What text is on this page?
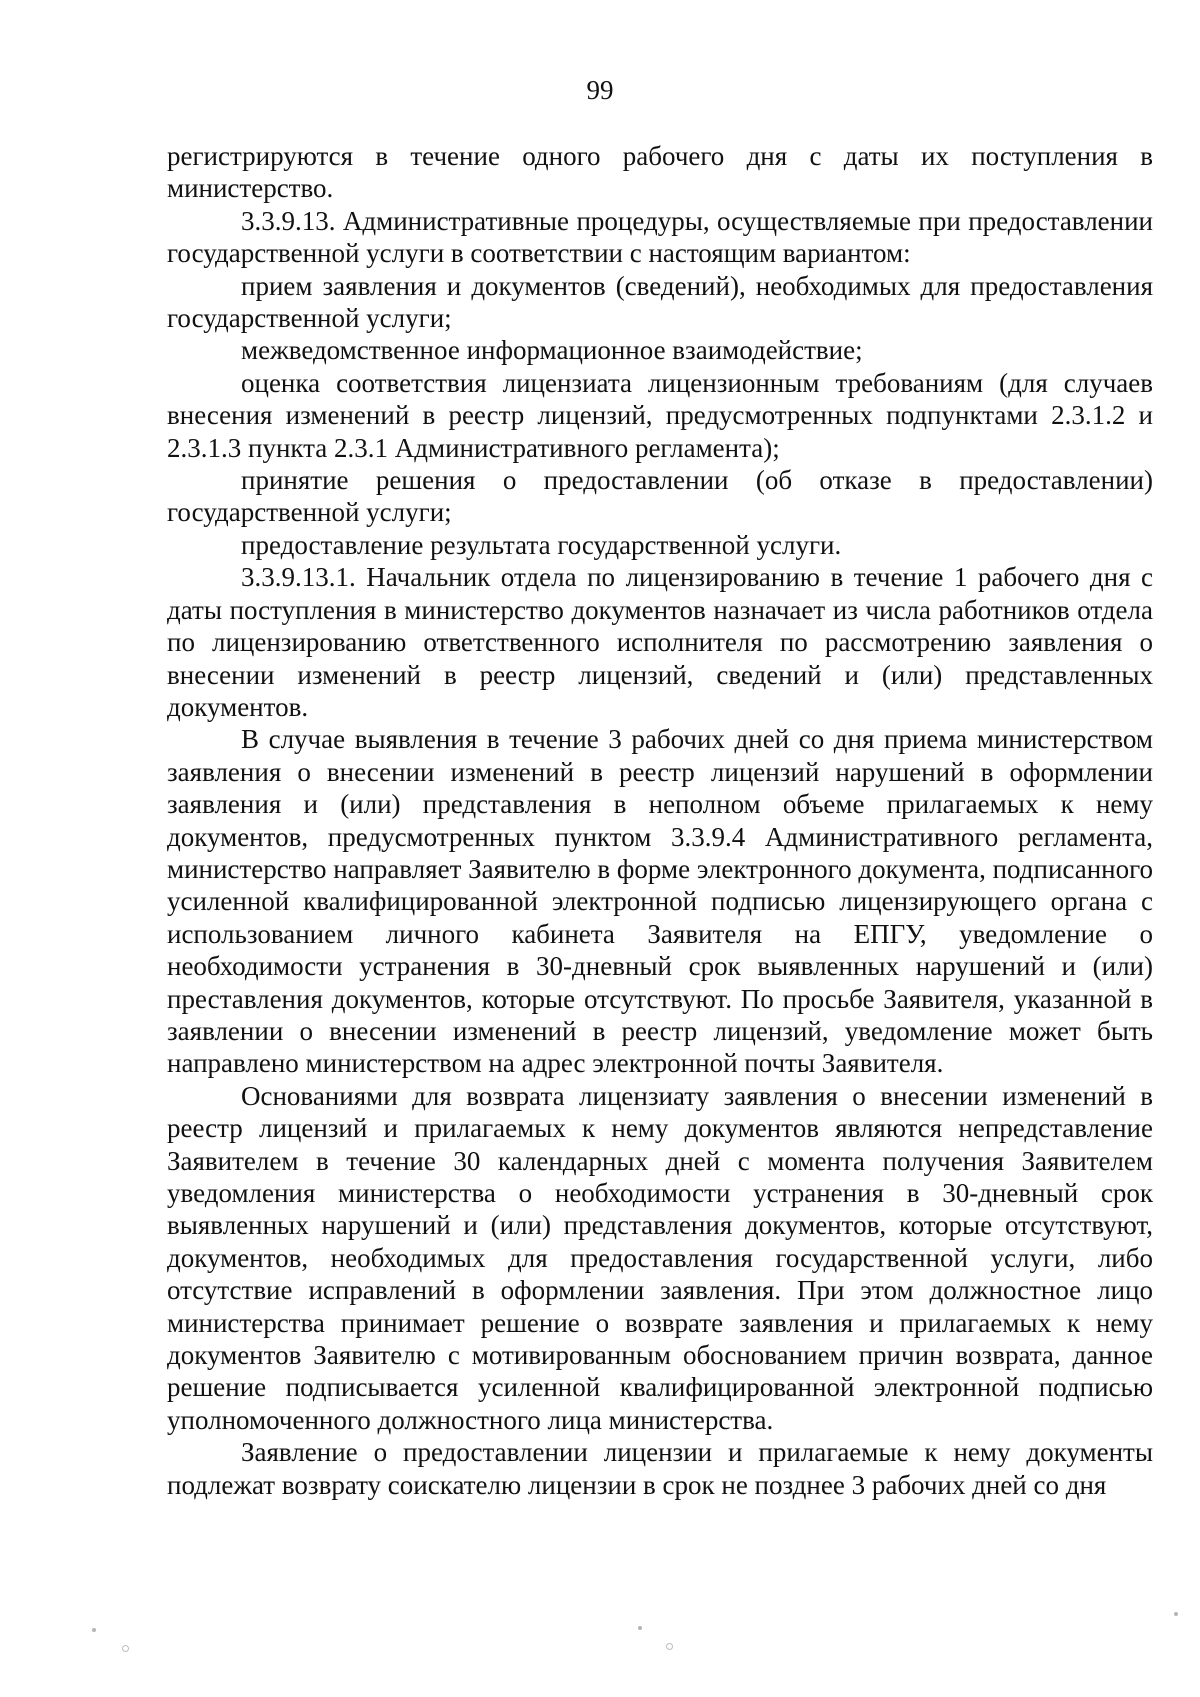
99

регистрируются в течение одного рабочего дня с даты их поступления в министерство.

3.3.9.13. Административные процедуры, осуществляемые при предоставлении государственной услуги в соответствии с настоящим вариантом:

прием заявления и документов (сведений), необходимых для предоставления государственной услуги;

межведомственное информационное взаимодействие;

оценка соответствия лицензиата лицензионным требованиям (для случаев внесения изменений в реестр лицензий, предусмотренных подпунктами 2.3.1.2 и 2.3.1.3 пункта 2.3.1 Административного регламента);

принятие решения о предоставлении (об отказе в предоставлении) государственной услуги;

предоставление результата государственной услуги.

3.3.9.13.1. Начальник отдела по лицензированию в течение 1 рабочего дня с даты поступления в министерство документов назначает из числа работников отдела по лицензированию ответственного исполнителя по рассмотрению заявления о внесении изменений в реестр лицензий, сведений и (или) представленных документов.

В случае выявления в течение 3 рабочих дней со дня приема министерством заявления о внесении изменений в реестр лицензий нарушений в оформлении заявления и (или) представления в неполном объеме прилагаемых к нему документов, предусмотренных пунктом 3.3.9.4 Административного регламента, министерство направляет Заявителю в форме электронного документа, подписанного усиленной квалифицированной электронной подписью лицензирующего органа с использованием личного кабинета Заявителя на ЕПГУ, уведомление о необходимости устранения в 30-дневный срок выявленных нарушений и (или) преставления документов, которые отсутствуют. По просьбе Заявителя, указанной в заявлении о внесении изменений в реестр лицензий, уведомление может быть направлено министерством на адрес электронной почты Заявителя.

Основаниями для возврата лицензиату заявления о внесении изменений в реестр лицензий и прилагаемых к нему документов являются непредставление Заявителем в течение 30 календарных дней с момента получения Заявителем уведомления министерства о необходимости устранения в 30-дневный срок выявленных нарушений и (или) представления документов, которые отсутствуют, документов, необходимых для предоставления государственной услуги, либо отсутствие исправлений в оформлении заявления. При этом должностное лицо министерства принимает решение о возврате заявления и прилагаемых к нему документов Заявителю с мотивированным обоснованием причин возврата, данное решение подписывается усиленной квалифицированной электронной подписью уполномоченного должностного лица министерства.

Заявление о предоставлении лицензии и прилагаемые к нему документы подлежат возврату соискателю лицензии в срок не позднее 3 рабочих дней со дня
